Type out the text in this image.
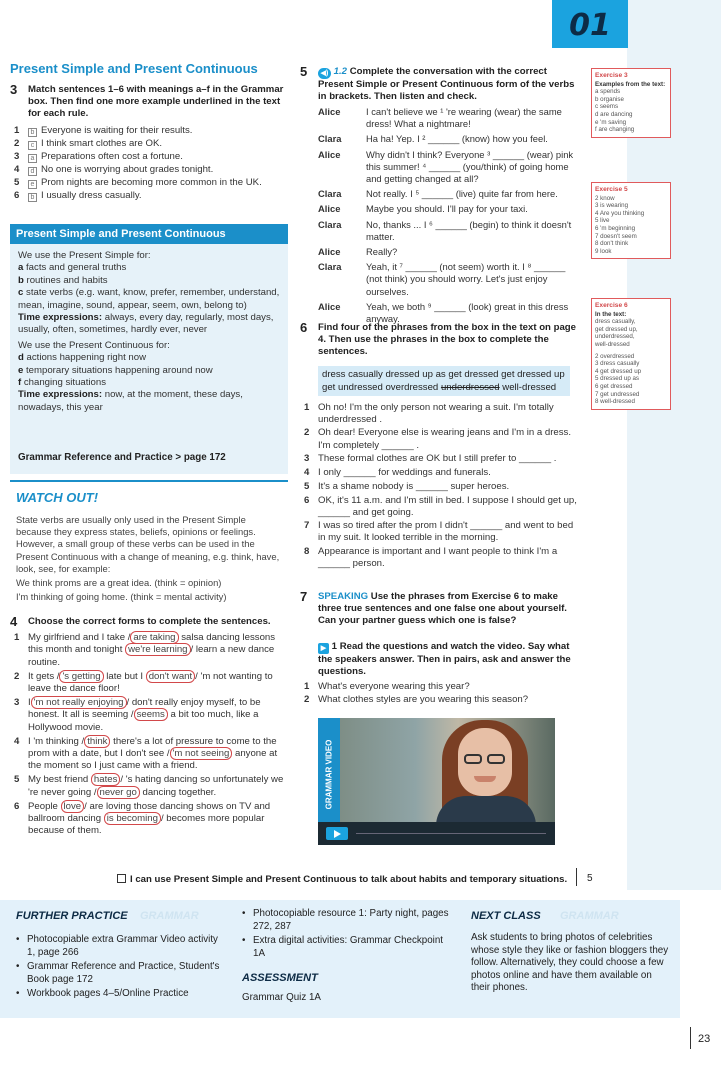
01
Present Simple and Present Continuous
3 Match sentences 1–6 with meanings a–f in the Grammar box. Then find one more example underlined in the text for each rule.
1 b Everyone is waiting for their results.
2 c I think smart clothes are OK.
3 a Preparations often cost a fortune.
4 d No one is worrying about grades tonight.
5 e Prom nights are becoming more common in the UK.
6 b I usually dress casually.
Present Simple and Present Continuous
We use the Present Simple for:
a facts and general truths
b routines and habits
c state verbs (e.g. want, know, prefer, remember, understand, mean, imagine, sound, appear, seem, own, belong to)
Time expressions: always, every day, regularly, most days, usually, often, sometimes, hardly ever, never
We use the Present Continuous for:
d actions happening right now
e temporary situations happening around now
f changing situations
Time expressions: now, at the moment, these days, nowadays, this year
Grammar Reference and Practice > page 172
WATCH OUT!
State verbs are usually only used in the Present Simple because they express states, beliefs, opinions or feelings. However, a small group of these verbs can be used in the Present Continuous with a change of meaning, e.g. think, have, look, see, for example:
We think proms are a great idea. (think = opinion)
I'm thinking of going home. (think = mental activity)
4 Choose the correct forms to complete the sentences.
1 My girlfriend and I take / are taking salsa dancing lessons this month and tonight we're learning / learn a new dance routine.
2 It gets / 's getting late but I don't want / 'm not wanting to leave the dance floor!
3 I 'm not really enjoying / don't really enjoy myself, to be honest. It all is seeming / seems a bit too much, like a Hollywood movie.
4 I 'm thinking / think there's a lot of pressure to come to the prom with a date, but I don't see / 'm not seeing anyone at the moment so I just came with a friend.
5 My best friend hates / 's hating dancing so unfortunately we 're never going / never go dancing together.
6 People love / are loving those dancing shows on TV and ballroom dancing is becoming / becomes more popular because of them.
5	◀) 1.2 Complete the conversation with the correct Present Simple or Present Continuous form of the verbs in brackets. Then listen and check.
Alice	I can't believe we ¹ 're wearing (wear) the same dress! What a nightmare!
Clara	Ha ha! Yep. I ² ______ (know) how you feel.
Alice	Why didn't I think? Everyone ³ ______ (wear) pink this summer! ⁴ ______ (you/think) of going home and getting changed at all?
Clara	Not really. I ⁵ ______ (live) quite far from here.
Alice	Maybe you should. I'll pay for your taxi.
Clara	No, thanks ... I ⁶ ______ (begin) to think it doesn't matter.
Alice	Really?
Clara	Yeah, it ⁷ ______ (not seem) worth it. I ⁸ ______ (not think) you should worry. Let's just enjoy ourselves.
Alice	Yeah, we both ⁹ ______ (look) great in this dress anyway.
6 Find four of the phrases from the box in the text on page 4. Then use the phrases in the box to complete the sentences.
dress casually dressed up as get dressed get dressed up
get undressed overdressed underdressed well-dressed
1 Oh no! I'm the only person not wearing a suit. I'm totally underdressed .
2 Oh dear! Everyone else is wearing jeans and I'm in a dress. I'm completely ______ .
3 These formal clothes are OK but I still prefer to ______ .
4 I only ______ for weddings and funerals.
5 It's a shame nobody is ______ super heroes.
6 OK, it's 11 a.m. and I'm still in bed. I suppose I should get up, ______ and get going.
7 I was so tired after the prom I didn't ______ and went to bed in my suit. It looked terrible in the morning.
8 Appearance is important and I want people to think I'm a ______ person.
7 SPEAKING Use the phrases from Exercise 6 to make three true sentences and one false one about yourself. Can your partner guess which one is false?
▶ 1 Read the questions and watch the video. Say what the speakers answer. Then in pairs, ask and answer the questions.
1 What's everyone wearing this year?
2 What clothes styles are you wearing this season?
GRAMMAR VIDEO
Exercise 3
Examples from the text:
a spends
b organise
c seems
d are dancing
e 'm saving
f are changing
Exercise 5
2 know
3 is wearing
4 Are you thinking
5 live
6 'm beginning
7 doesn't seem
8 don't think
9 look
Exercise 6
In the text:
dress casually,
get dressed up,
underdressed,
well-dressed
2 overdressed
3 dress casually
4 get dressed up
5 dressed up as
6 get dressed
7 get undressed
8 well-dressed
I can use Present Simple and Present Continuous to talk about habits and temporary situations. 5
FURTHER PRACTICE GRAMMAR
• Photocopiable extra Grammar Video activity 1, page 266
• Grammar Reference and Practice, Student's Book page 172
• Workbook pages 4–5/Online Practice
• Photocopiable resource 1: Party night, pages 272, 287
• Extra digital activities: Grammar Checkpoint 1A
ASSESSMENT
Grammar Quiz 1A
NEXT CLASS GRAMMAR
Ask students to bring photos of celebrities whose style they like or fashion bloggers they follow. Alternatively, they could choose a few photos online and have them available on their phones.
23
